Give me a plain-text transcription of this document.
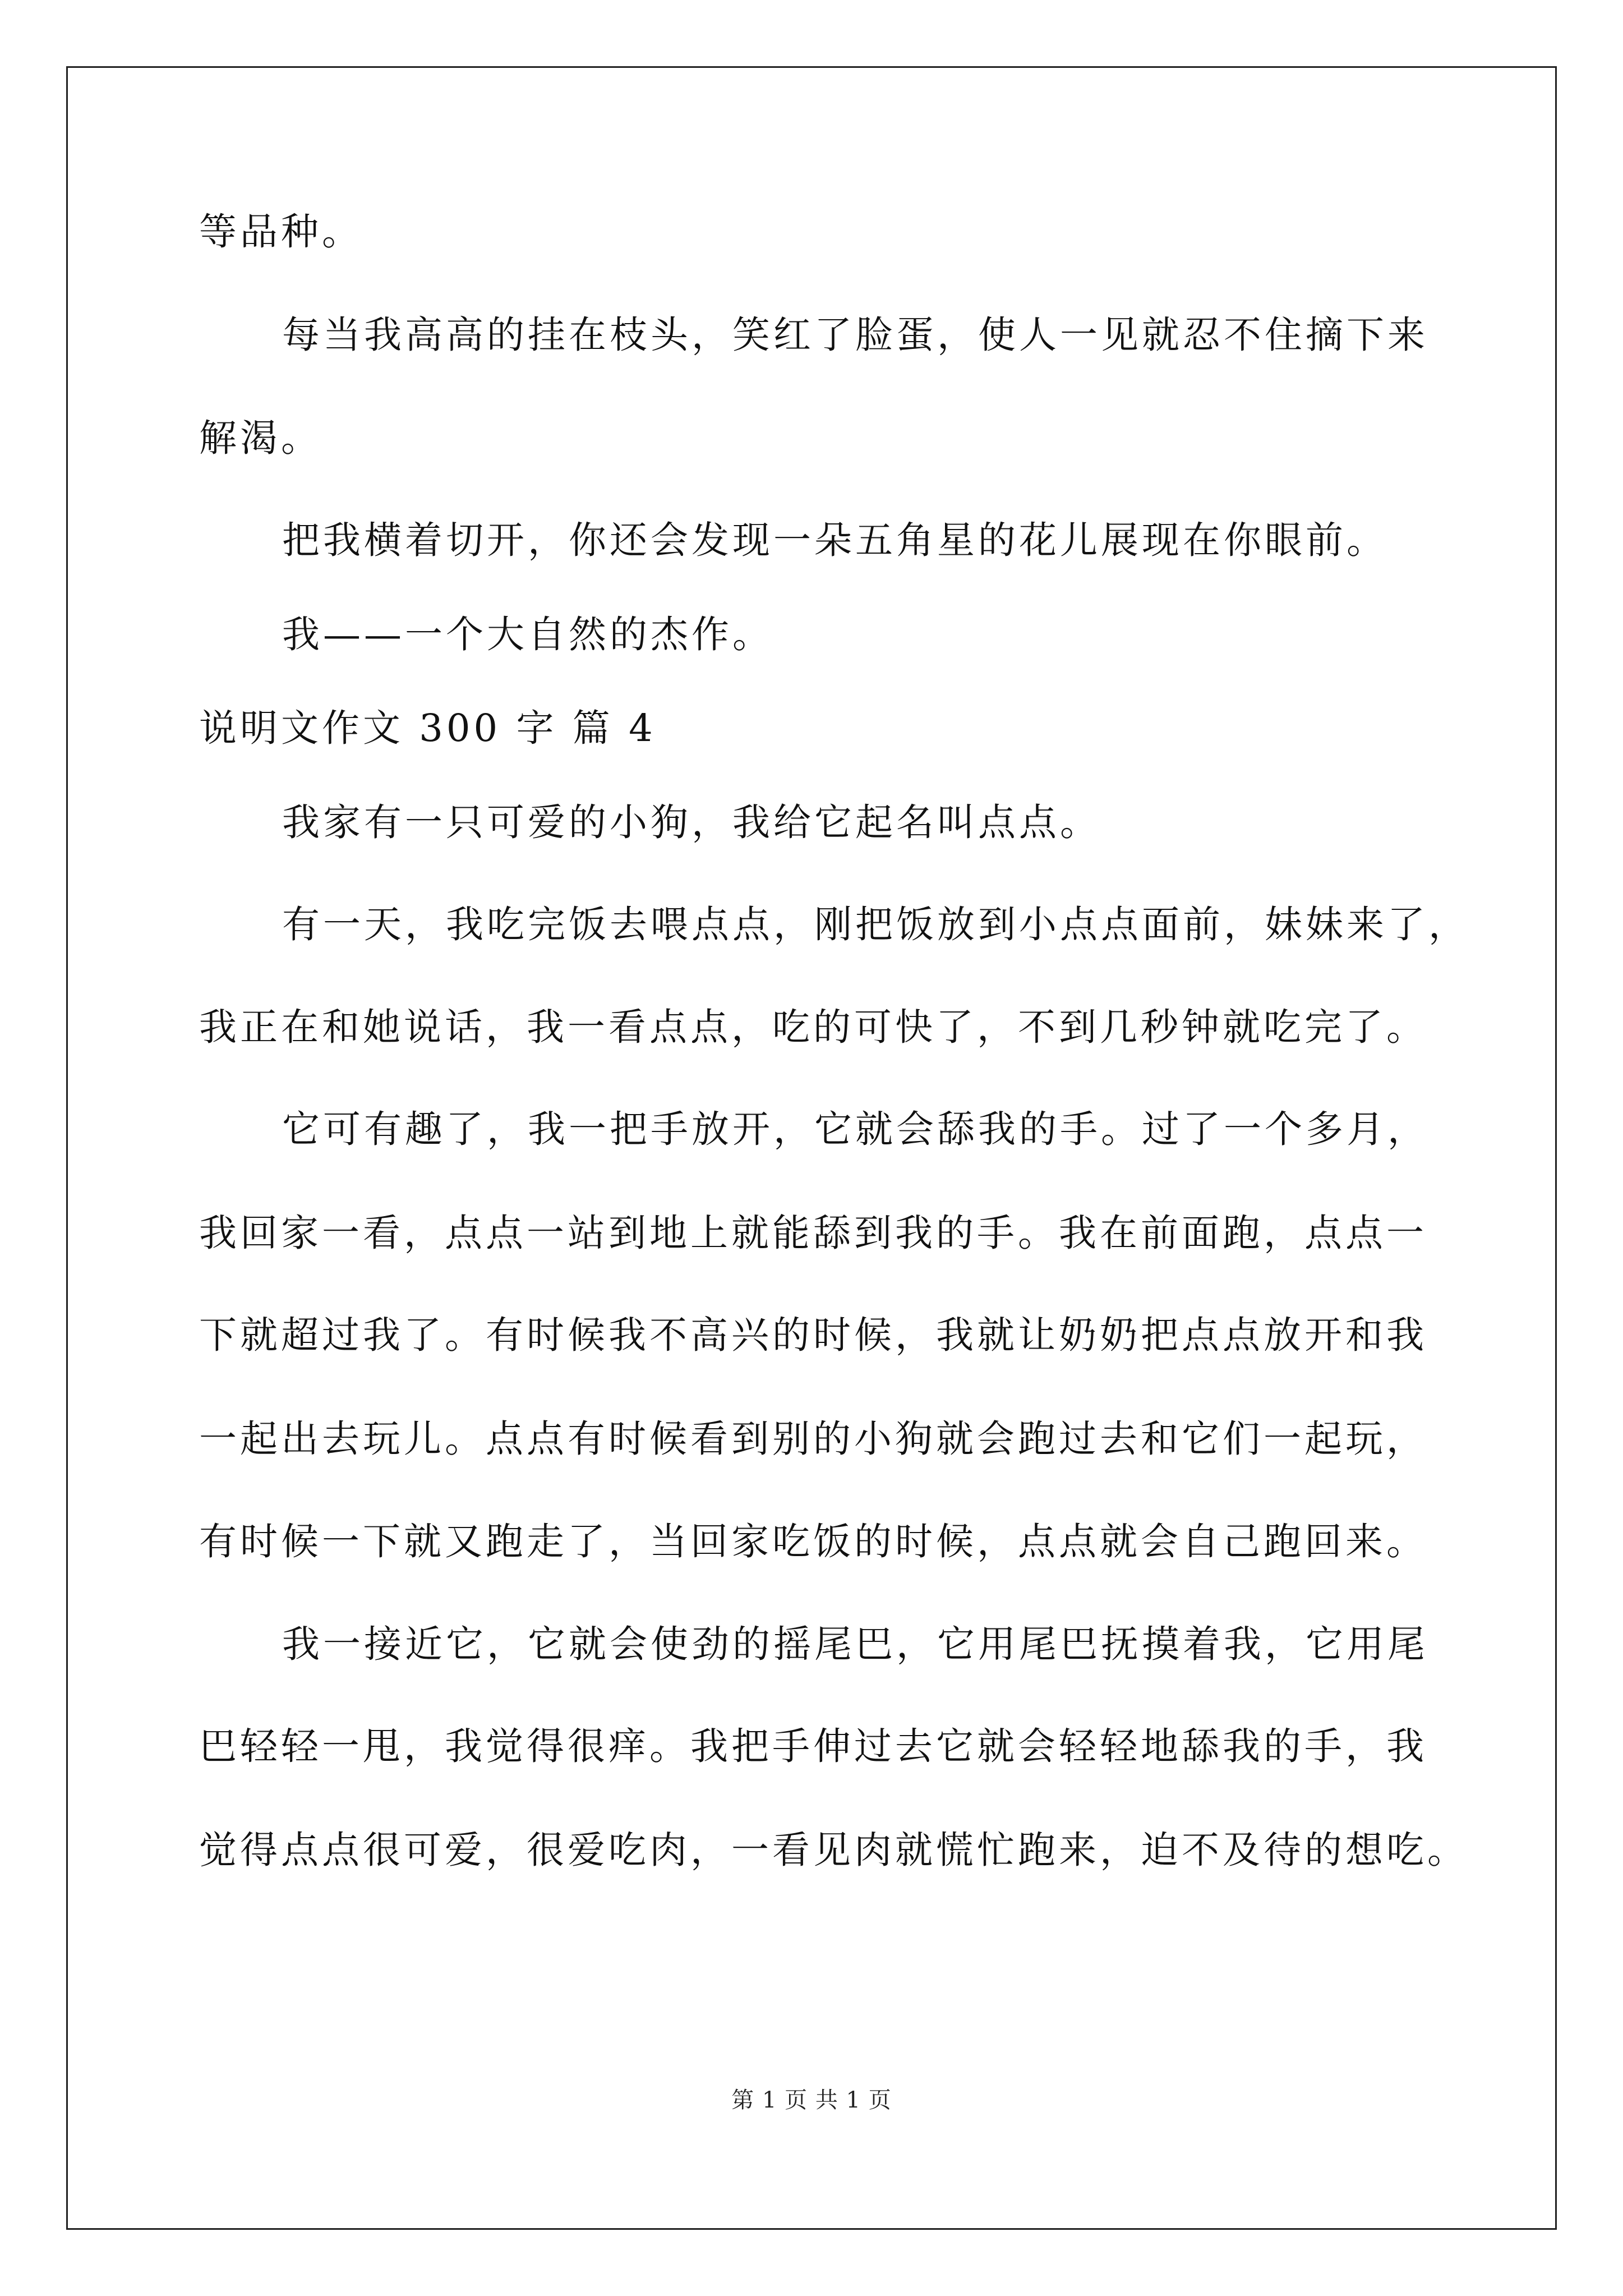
等品种。
每当我高高的挂在枝头，笑红了脸蛋，使人一见就忍不住摘下来
解渴。
把我横着切开，你还会发现一朵五角星的花儿展现在你眼前。
我——一个大自然的杰作。
说明文作文 300 字 篇 4
我家有一只可爱的小狗，我给它起名叫点点。
有一天，我吃完饭去喂点点，刚把饭放到小点点面前，妹妹来了，
我正在和她说话，我一看点点，吃的可快了，不到几秒钟就吃完了。
它可有趣了，我一把手放开，它就会舔我的手。过了一个多月，
我回家一看，点点一站到地上就能舔到我的手。我在前面跑，点点一
下就超过我了。有时候我不高兴的时候，我就让奶奶把点点放开和我
一起出去玩儿。点点有时候看到别的小狗就会跑过去和它们一起玩，
有时候一下就又跑走了，当回家吃饭的时候，点点就会自己跑回来。
我一接近它，它就会使劲的摇尾巴，它用尾巴抚摸着我，它用尾
巴轻轻一甩，我觉得很痒。我把手伸过去它就会轻轻地舔我的手，我
觉得点点很可爱，很爱吃肉，一看见肉就慌忙跑来，迫不及待的想吃。
第 1 页 共 1 页
